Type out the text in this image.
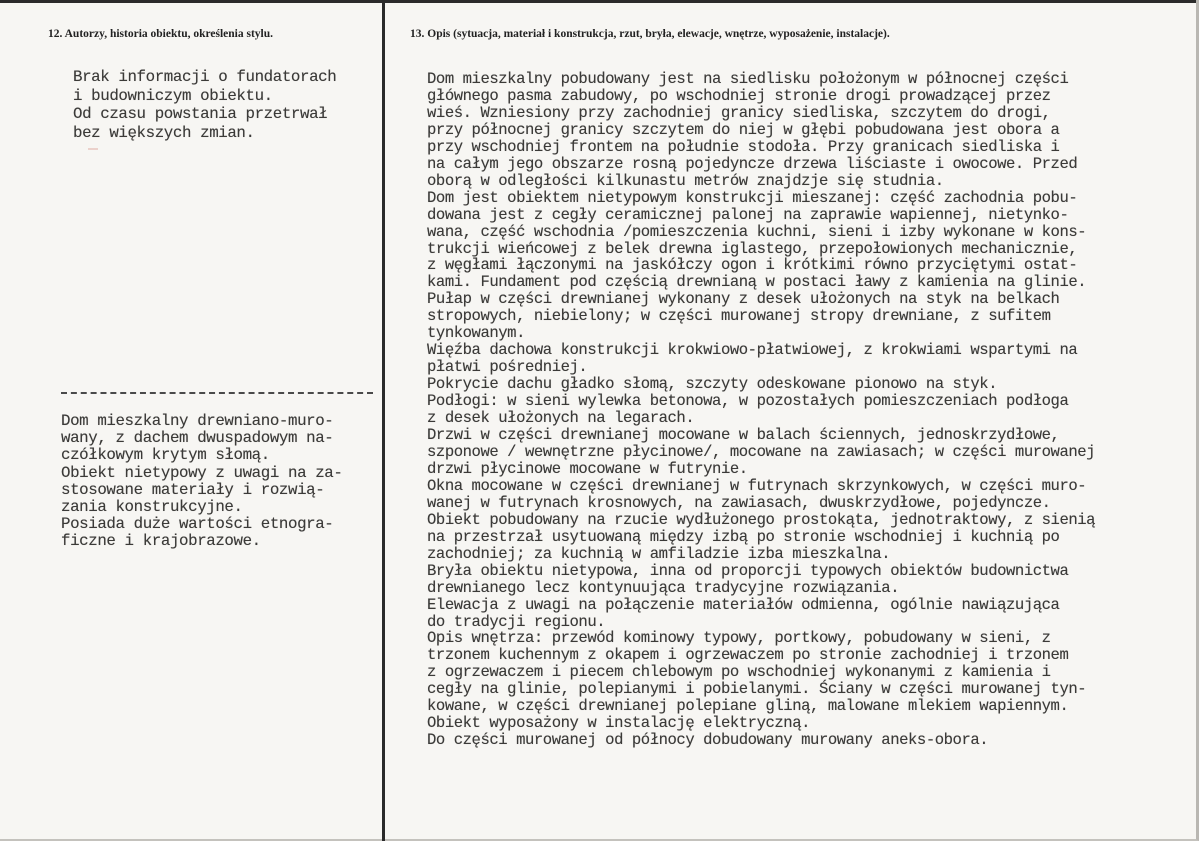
12. Autorzy, historia obiektu, określenia stylu.	13. Opis (sytuacja, materiał i konstrukcja, rzut, bryła, elewacje, wnętrze, wyposażenie, instalacje).

Brak informacji o fundatorach
i budowniczym obiektu.
Od czasu powstania przetrwał
bez większych zmian.

Dom mieszkalny drewniano-muro-
wany, z dachem dwuspadowym na-
czółkowym krytym słomą.
Obiekt nietypowy z uwagi na za-
stosowane materiały i rozwią-
zania konstrukcyjne.
Posiada duże wartości etnogra-
ficzne i krajobrazowe.

Dom mieszkalny pobudowany jest na siedlisku położonym w północnej części
głównego pasma zabudowy, po wschodniej stronie drogi prowadzącej przez
wieś. Wzniesiony przy zachodniej granicy siedliska, szczytem do drogi,
przy północnej granicy szczytem do niej w głębi pobudowana jest obora a
przy wschodniej frontem na południe stodoła. Przy granicach siedliska i
na całym jego obszarze rosną pojedyncze drzewa liściaste i owocowe. Przed
oborą w odległości kilkunastu metrów znajdzje się studnia.
Dom jest obiektem nietypowym konstrukcji mieszanej: część zachodnia pobu-
dowana jest z cegły ceramicznej palonej na zaprawie wapiennej, nietynko-
wana, część wschodnia /pomieszczenia kuchni, sieni i izby wykonane w kons-
trukcji wieńcowej z belek drewna iglastego, przepołowionych mechanicznie,
z węgłami łączonymi na jaskółczy ogon i krótkimi równo przyciętymi ostat-
kami. Fundament pod częścią drewnianą w postaci ławy z kamienia na glinie.
Pułap w części drewnianej wykonany z desek ułożonych na styk na belkach
stropowych, niebielony; w części murowanej stropy drewniane, z sufitem
tynkowanym.
Więźba dachowa konstrukcji krokwiowo-płatwiowej, z krokwiami wspartymi na
płatwi pośredniej.
Pokrycie dachu gładko słomą, szczyty odeskowane pionowo na styk.
Podłogi: w sieni wylewka betonowa, w pozostałych pomieszczeniach podłoga
z desek ułożonych na legarach.
Drzwi w części drewnianej mocowane w balach ściennych, jednoskrzydłowe,
szponowe / wewnętrzne płycinowe/, mocowane na zawiasach; w części murowanej
drzwi płycinowe mocowane w futrynie.
Okna mocowane w części drewnianej w futrynach skrzynkowych, w części muro-
wanej w futrynach krosnowych, na zawiasach, dwuskrzydłowe, pojedyncze.
Obiekt pobudowany na rzucie wydłużonego prostokąta, jednotraktowy, z sienią
na przestrzał usytuowaną między izbą po stronie wschodniej i kuchnią po
zachodniej; za kuchnią w amfiladzie izba mieszkalna.
Bryła obiektu nietypowa, inna od proporcji typowych obiektów budownictwa
drewnianego lecz kontynuująca tradycyjne rozwiązania.
Elewacja z uwagi na połączenie materiałów odmienna, ogólnie nawiązująca
do tradycji regionu.
Opis wnętrza: przewód kominowy typowy, portkowy, pobudowany w sieni, z
trzonem kuchennym z okapem i ogrzewaczem po stronie zachodniej i trzonem
z ogrzewaczem i piecem chlebowym po wschodniej wykonanymi z kamienia i
cegły na glinie, polepianymi i pobielanymi. Ściany w części murowanej tyn-
kowane, w części drewnianej polepiane gliną, malowane mlekiem wapiennym.
Obiekt wyposażony w instalację elektryczną.
Do części murowanej od północy dobudowany murowany aneks-obora.
